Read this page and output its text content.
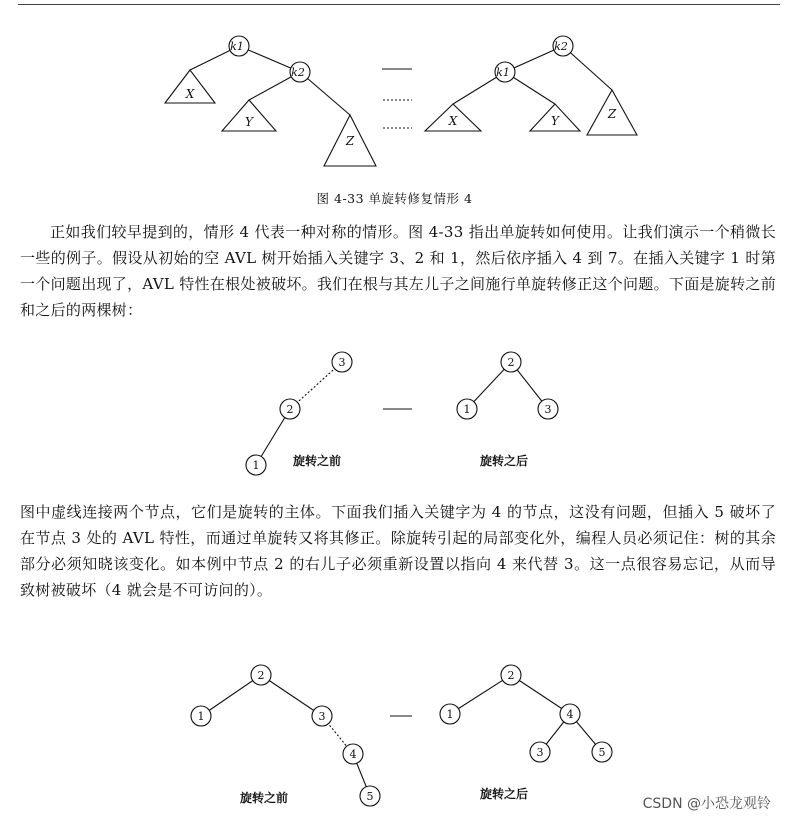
k1
k2
k2
k1
X
Y
Z
X	Y	Z
图 4-33 单旋转修复情形 4

正如我们较早提到的，情形 4 代表一种对称的情形。图 4-33 指出单旋转如何使用。让我们演示一个稍微长一些的例子。假设从初始的空 AVL 树开始插入关键字 3、2 和 1，然后依序插入 4 到 7。在插入关键字 1 时第一个问题出现了，AVL 特性在根处被破坏。我们在根与其左儿子之间施行单旋转修正这个问题。下面是旋转之前和之后的两棵树：

3
2
1
2
1	3
旋转之前	旋转之后

图中虚线连接两个节点，它们是旋转的主体。下面我们插入关键字为 4 的节点，这没有问题，但插入 5 破坏了在节点 3 处的 AVL 特性，而通过单旋转又将其修正。除旋转引起的局部变化外，编程人员必须记住：树的其余部分必须知晓该变化。如本例中节点 2 的右儿子必须重新设置以指向 4 来代替 3。这一点很容易忘记，从而导致树被破坏（4 就会是不可访问的）。

2
1	3
4
5
2
1	4
3	5
旋转之前	旋转之后
CSDN @小恐龙观铃
